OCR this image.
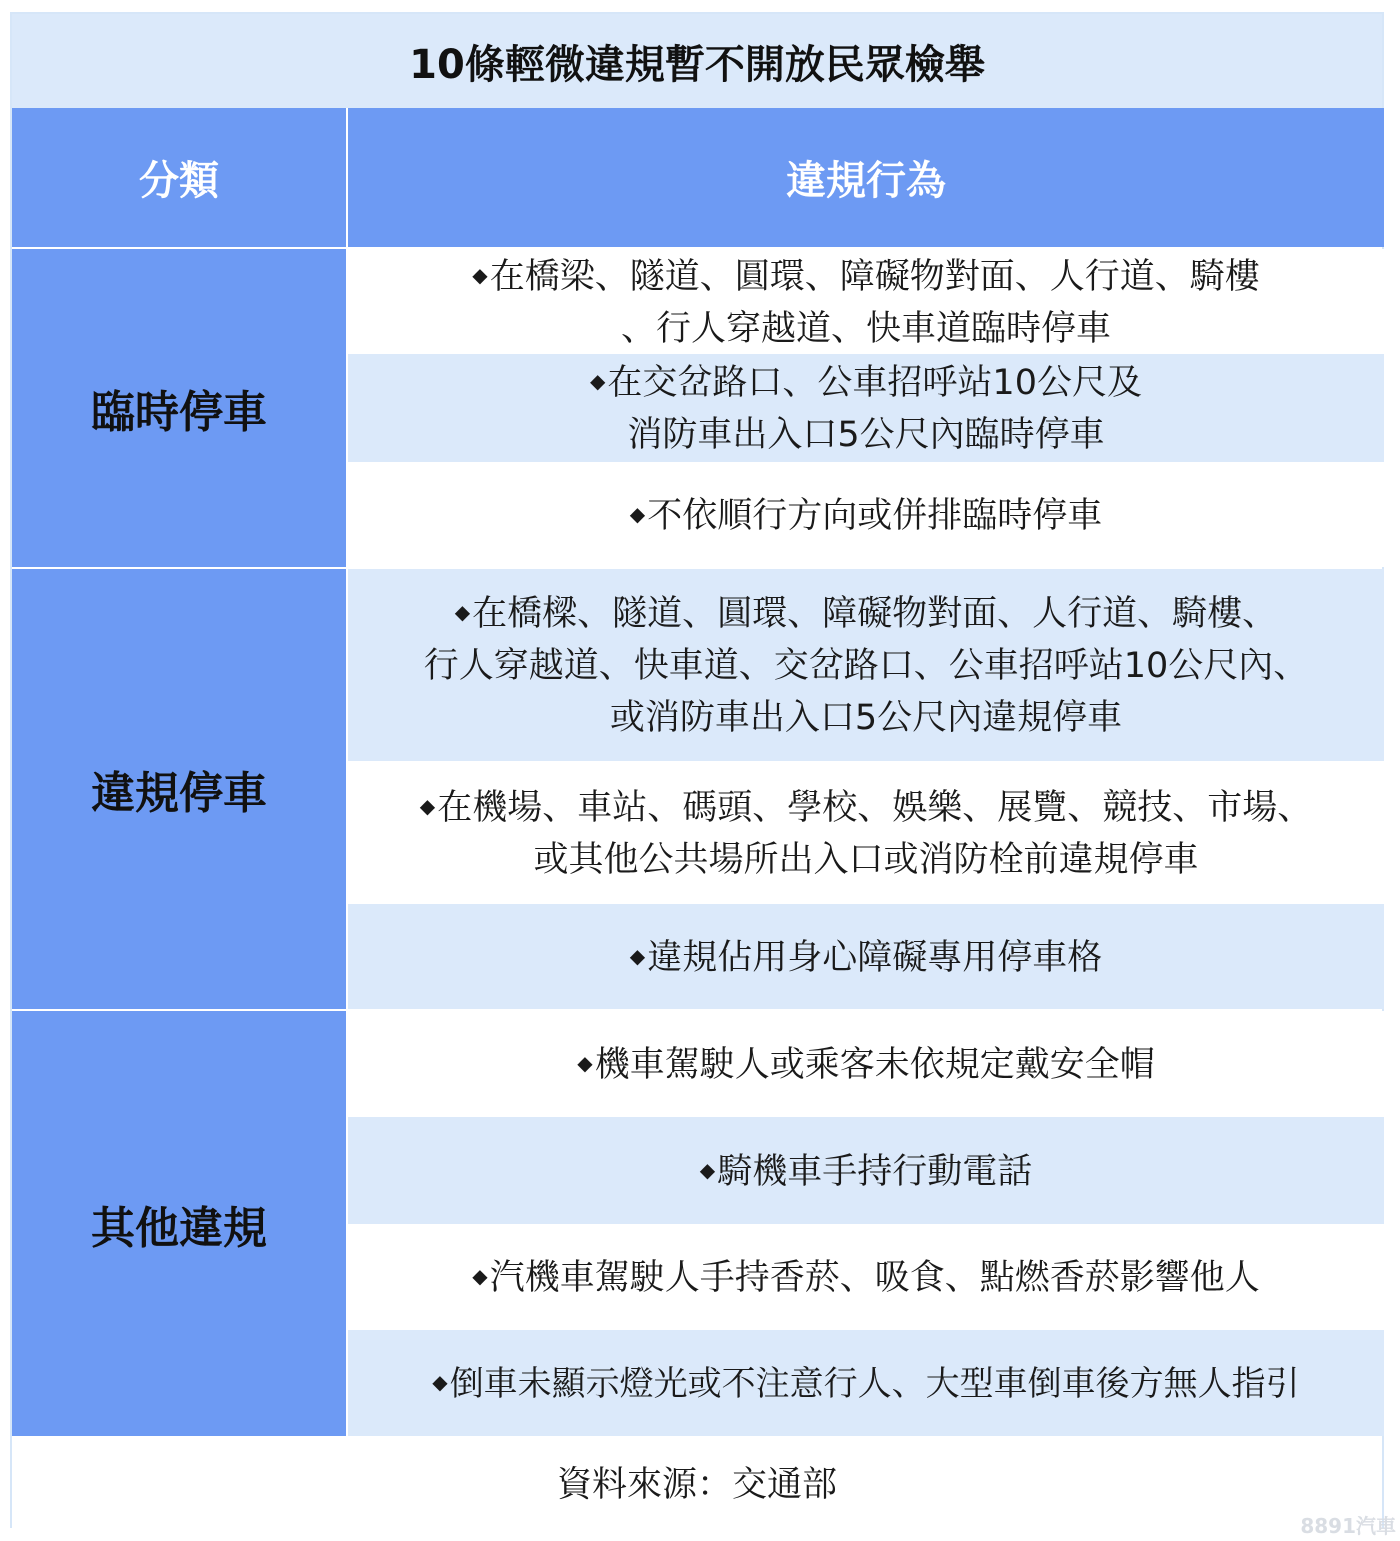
10條輕微違規暫不開放民眾檢舉
分類	違規行為
臨時停車
違規停車
其他違規
◆在橋梁、隧道、圓環、障礙物對面、人行道、騎樓
、行人穿越道、快車道臨時停車
◆在交岔路口、公車招呼站10公尺及
消防車出入口5公尺內臨時停車
◆不依順行方向或併排臨時停車
◆在橋樑、隧道、圓環、障礙物對面、人行道、騎樓、
行人穿越道、快車道、交岔路口、公車招呼站10公尺內、
或消防車出入口5公尺內違規停車
◆在機場、車站、碼頭、學校、娛樂、展覽、競技、市場、
或其他公共場所出入口或消防栓前違規停車
◆違規佔用身心障礙專用停車格
◆機車駕駛人或乘客未依規定戴安全帽
◆騎機車手持行動電話
◆汽機車駕駛人手持香菸、吸食、點燃香菸影響他人
◆倒車未顯示燈光或不注意行人、大型車倒車後方無人指引
資料來源：交通部
8891汽車
